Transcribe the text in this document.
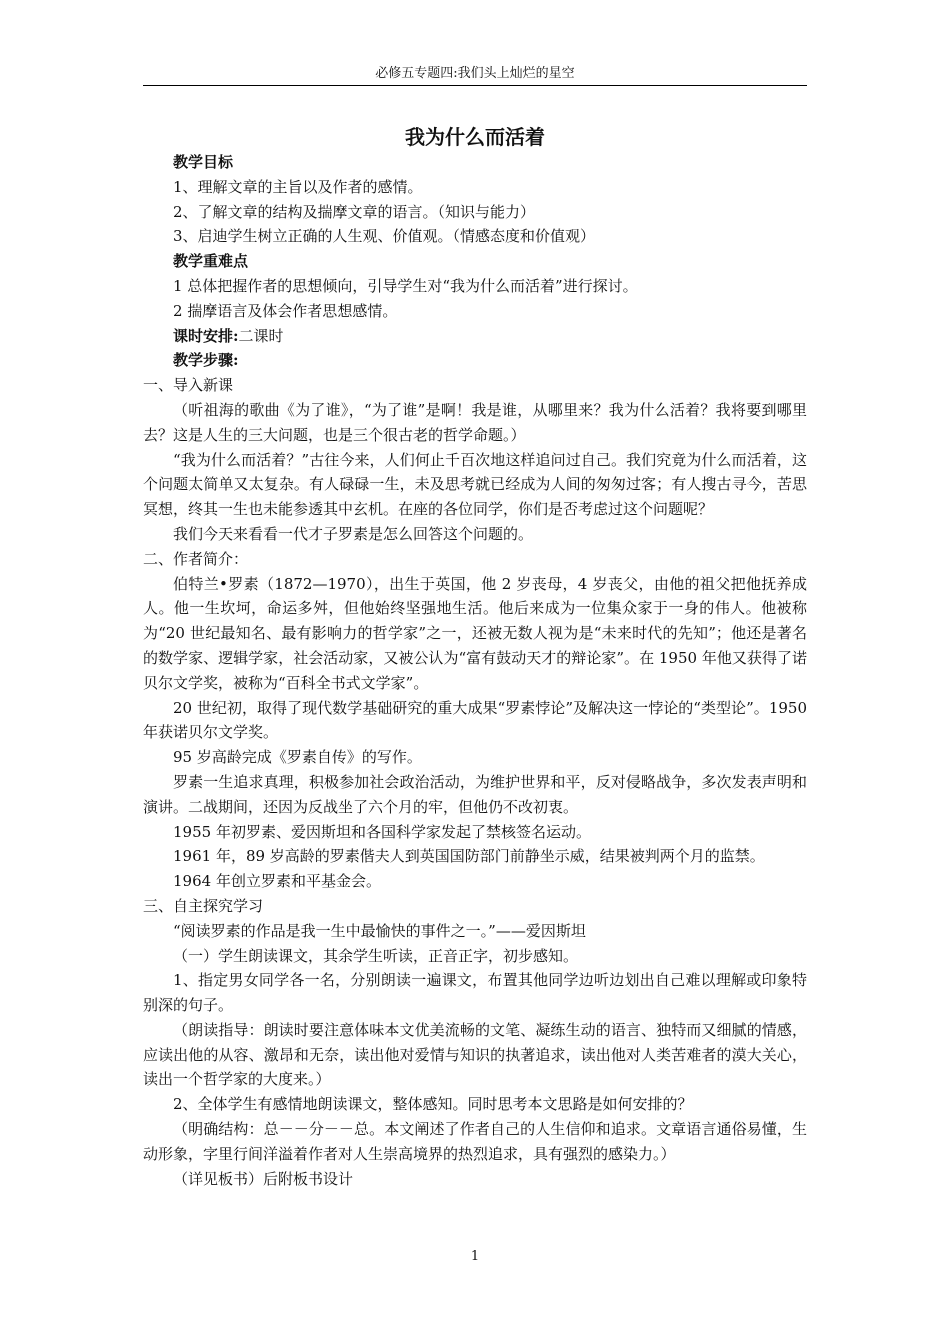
必修五专题四:我们头上灿烂的星空
我为什么而活着

教学目标

1、理解文章的主旨以及作者的感情。

2、了解文章的结构及揣摩文章的语言。（知识与能力）

3、启迪学生树立正确的人生观、价值观。（情感态度和价值观）

教学重难点

1 总体把握作者的思想倾向，引导学生对“我为什么而活着”进行探讨。

2 揣摩语言及体会作者思想感情。

课时安排:二课时

教学步骤:

一、导入新课

（听祖海的歌曲《为了谁》，“为了谁”是啊！我是谁，从哪里来？我为什么活着？我将要到哪里去？这是人生的三大问题，也是三个很古老的哲学命题。）

“我为什么而活着？”古往今来，人们何止千百次地这样追问过自己。我们究竟为什么而活着，这个问题太简单又太复杂。有人碌碌一生，未及思考就已经成为人间的匆匆过客；有人搜古寻今，苦思冥想，终其一生也未能参透其中玄机。在座的各位同学，你们是否考虑过这个问题呢？

我们今天来看看一代才子罗素是怎么回答这个问题的。

二、作者简介：

伯特兰•罗素（1872—1970），出生于英国，他 2 岁丧母，4 岁丧父，由他的祖父把他抚养成人。他一生坎坷，命运多舛，但他始终坚强地生活。他后来成为一位集众家于一身的伟人。他被称为“20 世纪最知名、最有影响力的哲学家”之一，还被无数人视为是“未来时代的先知”；他还是著名的数学家、逻辑学家，社会活动家，又被公认为“富有鼓动天才的辩论家”。在 1950 年他又获得了诺贝尔文学奖，被称为“百科全书式文学家”。

20 世纪初，取得了现代数学基础研究的重大成果“罗素悖论”及解决这一悖论的“类型论”。1950 年获诺贝尔文学奖。

95 岁高龄完成《罗素自传》的写作。

罗素一生追求真理，积极参加社会政治活动，为维护世界和平，反对侵略战争，多次发表声明和演讲。二战期间，还因为反战坐了六个月的牢，但他仍不改初衷。

1955 年初罗素、爱因斯坦和各国科学家发起了禁核签名运动。

1961 年，89 岁高龄的罗素偕夫人到英国国防部门前静坐示威，结果被判两个月的监禁。

1964 年创立罗素和平基金会。

三、自主探究学习

“阅读罗素的作品是我一生中最愉快的事件之一。”——爱因斯坦

（一）学生朗读课文，其余学生听读，正音正字，初步感知。

1、指定男女同学各一名，分别朗读一遍课文，布置其他同学边听边划出自己难以理解或印象特别深的句子。

（朗读指导：朗读时要注意体味本文优美流畅的文笔、凝练生动的语言、独特而又细腻的情感，应读出他的从容、激昂和无奈，读出他对爱情与知识的执著追求，读出他对人类苦难者的漠大关心，读出一个哲学家的大度来。）

2、全体学生有感情地朗读课文，整体感知。同时思考本文思路是如何安排的？

（明确结构：总－－分－－总。本文阐述了作者自己的人生信仰和追求。文章语言通俗易懂，生动形象，字里行间洋溢着作者对人生崇高境界的热烈追求，具有强烈的感染力。）

（详见板书）后附板书设计

1
